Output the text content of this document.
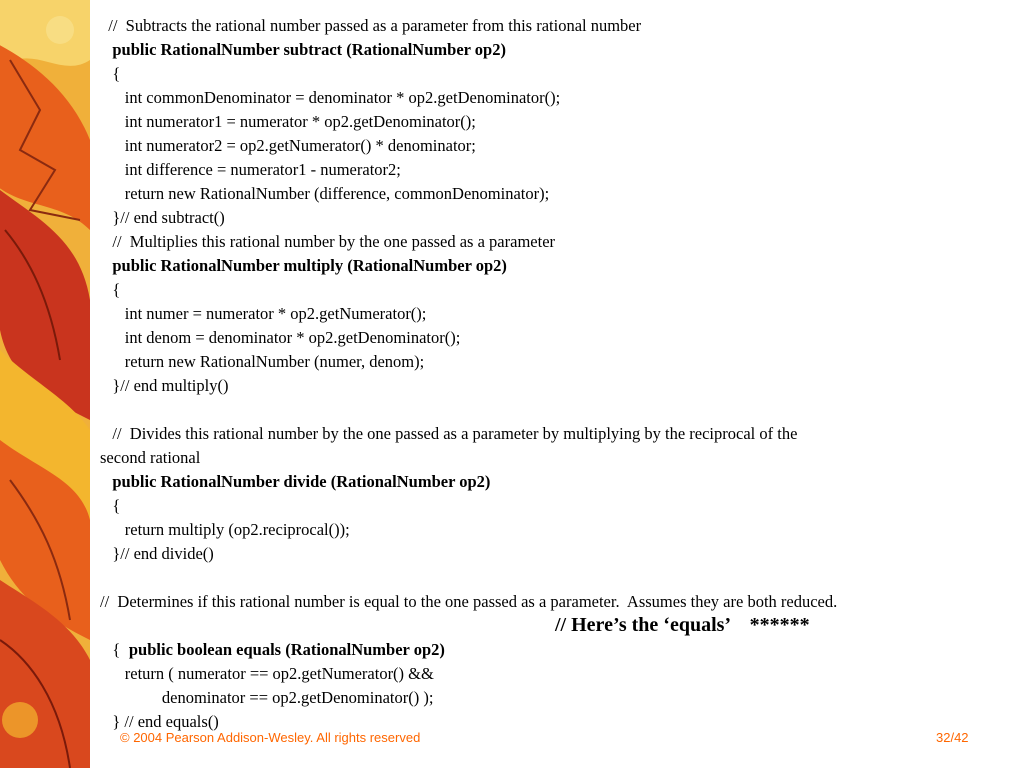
//  Subtracts the rational number passed as a parameter from this rational number
public RationalNumber subtract (RationalNumber op2)
{
int commonDenominator = denominator * op2.getDenominator();
int numerator1 = numerator * op2.getDenominator();
int numerator2 = op2.getNumerator() * denominator;
int difference = numerator1 - numerator2;
return new RationalNumber (difference, commonDenominator);
}// end subtract()
//  Multiplies this rational number by the one passed as a parameter
public RationalNumber multiply (RationalNumber op2)
{
int numer = numerator * op2.getNumerator();
int denom = denominator * op2.getDenominator();
return new RationalNumber (numer, denom);
}// end multiply()
//  Divides this rational number by the one passed as a parameter by multiplying by the reciprocal of the
second rational
public RationalNumber divide (RationalNumber op2)
{
return multiply (op2.reciprocal());
}// end divide()
//  Determines if this rational number is equal to the one passed as a parameter.  Assumes they are both reduced.

public boolean equals (RationalNumber op2)

// Here’s the ‘equals’    ******

{
return ( numerator == op2.getNumerator() &&
denominator == op2.getDenominator() );
} // end equals()
© 2004 Pearson Addison-Wesley. All rights reserved	32/42
